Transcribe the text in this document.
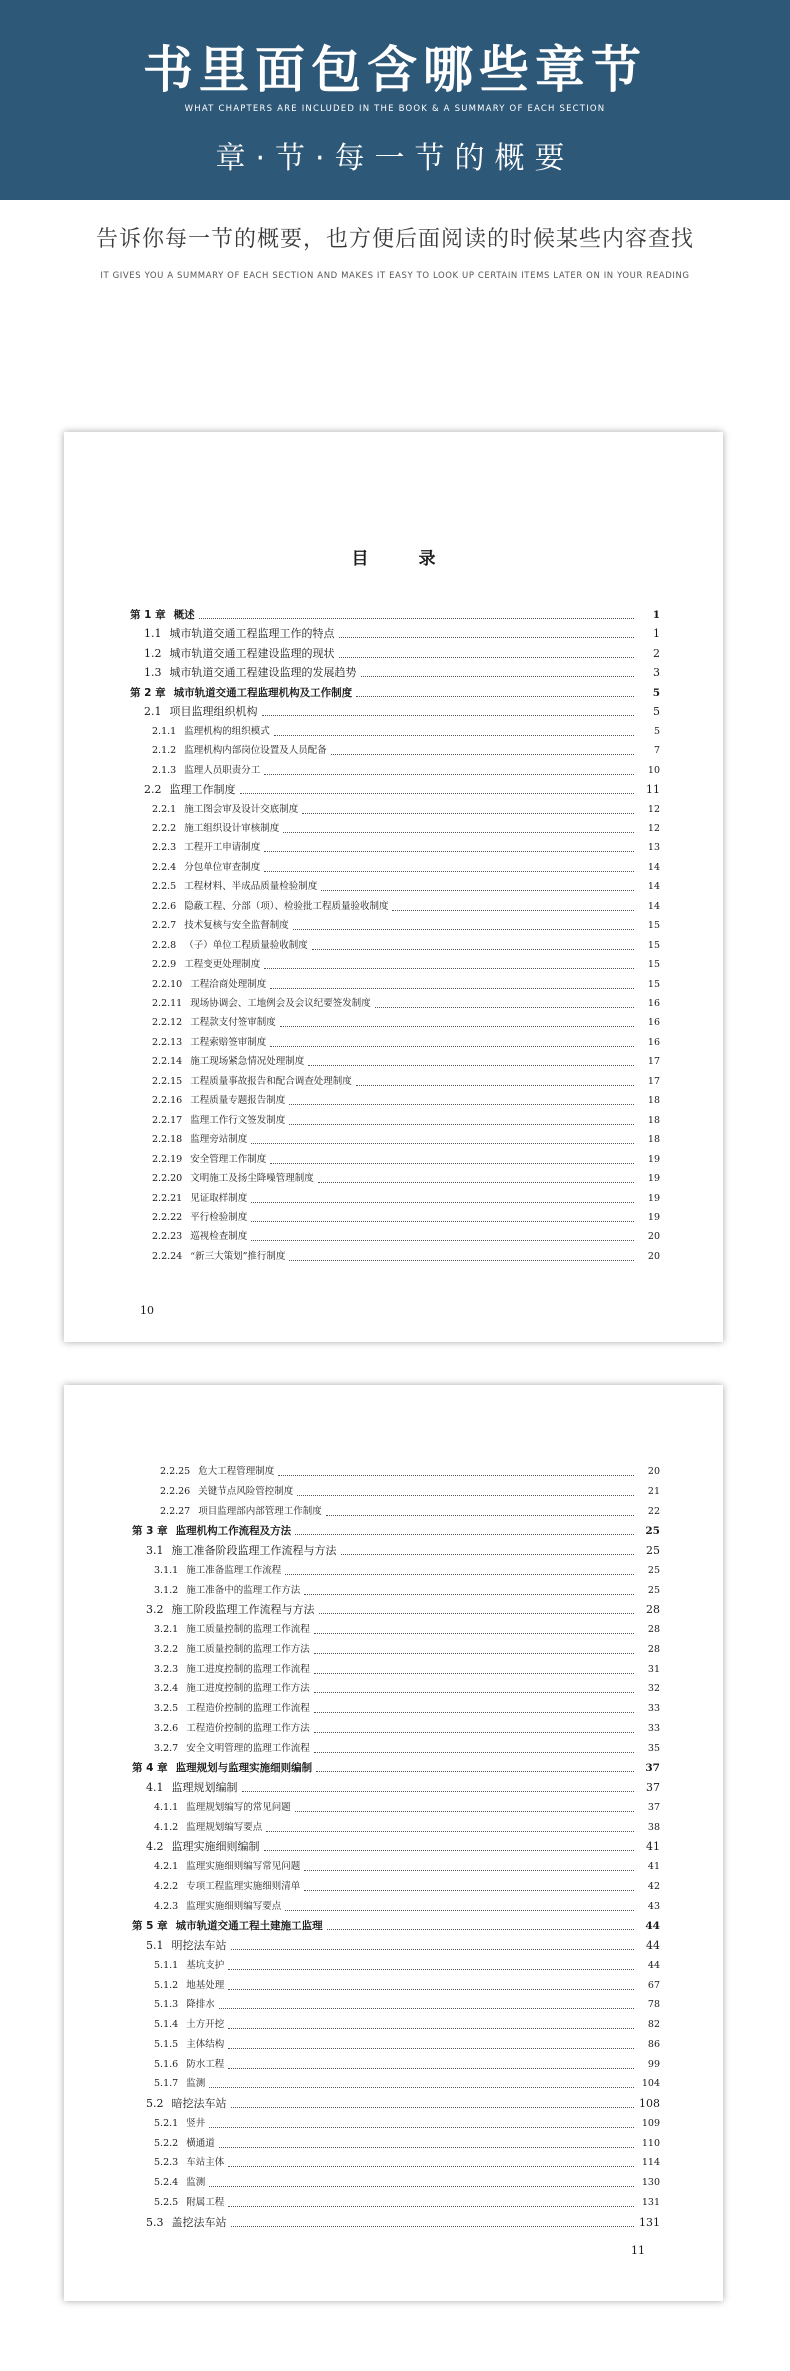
书里面包含哪些章节
WHAT CHAPTERS ARE INCLUDED IN THE BOOK & A SUMMARY OF EACH SECTION
章·节·每一节的概要
告诉你每一节的概要，也方便后面阅读的时候某些内容查找
IT GIVES YOU A SUMMARY OF EACH SECTION AND MAKES IT EASY TO LOOK UP CERTAIN ITEMS LATER ON IN YOUR READING
目 录
第 1 章 概述	1
1.1 城市轨道交通工程监理工作的特点	1
1.2 城市轨道交通工程建设监理的现状	2
1.3 城市轨道交通工程建设监理的发展趋势	3
第 2 章 城市轨道交通工程监理机构及工作制度	5
2.1 项目监理组织机构	5
2.1.1 监理机构的组织模式	5
2.1.2 监理机构内部岗位设置及人员配备	7
2.1.3 监理人员职责分工	10
2.2 监理工作制度	11
2.2.1 施工图会审及设计交底制度	12
2.2.2 施工组织设计审核制度	12
2.2.3 工程开工申请制度	13
2.2.4 分包单位审查制度	14
2.2.5 工程材料、半成品质量检验制度	14
2.2.6 隐蔽工程、分部（项）、检验批工程质量验收制度	14
2.2.7 技术复核与安全监督制度	15
2.2.8 （子）单位工程质量验收制度	15
2.2.9 工程变更处理制度	15
2.2.10 工程洽商处理制度	15
2.2.11 现场协调会、工地例会及会议纪要签发制度	16
2.2.12 工程款支付签审制度	16
2.2.13 工程索赔签审制度	16
2.2.14 施工现场紧急情况处理制度	17
2.2.15 工程质量事故报告和配合调查处理制度	17
2.2.16 工程质量专题报告制度	18
2.2.17 监理工作行文签发制度	18
2.2.18 监理旁站制度	18
2.2.19 安全管理工作制度	19
2.2.20 文明施工及扬尘降噪管理制度	19
2.2.21 见证取样制度	19
2.2.22 平行检验制度	19
2.2.23 巡视检查制度	20
2.2.24 “新三大策划”推行制度	20
10
2.2.25 危大工程管理制度	20
2.2.26 关键节点风险管控制度	21
2.2.27 项目监理部内部管理工作制度	22
第 3 章 监理机构工作流程及方法	25
3.1 施工准备阶段监理工作流程与方法	25
3.1.1 施工准备监理工作流程	25
3.1.2 施工准备中的监理工作方法	25
3.2 施工阶段监理工作流程与方法	28
3.2.1 施工质量控制的监理工作流程	28
3.2.2 施工质量控制的监理工作方法	28
3.2.3 施工进度控制的监理工作流程	31
3.2.4 施工进度控制的监理工作方法	32
3.2.5 工程造价控制的监理工作流程	33
3.2.6 工程造价控制的监理工作方法	33
3.2.7 安全文明管理的监理工作流程	35
第 4 章 监理规划与监理实施细则编制	37
4.1 监理规划编制	37
4.1.1 监理规划编写的常见问题	37
4.1.2 监理规划编写要点	38
4.2 监理实施细则编制	41
4.2.1 监理实施细则编写常见问题	41
4.2.2 专项工程监理实施细则清单	42
4.2.3 监理实施细则编写要点	43
第 5 章 城市轨道交通工程土建施工监理	44
5.1 明挖法车站	44
5.1.1 基坑支护	44
5.1.2 地基处理	67
5.1.3 降排水	78
5.1.4 土方开挖	82
5.1.5 主体结构	86
5.1.6 防水工程	99
5.1.7 监测	104
5.2 暗挖法车站	108
5.2.1 竖井	109
5.2.2 横通道	110
5.2.3 车站主体	114
5.2.4 监测	130
5.2.5 附属工程	131
5.3 盖挖法车站	131
11
